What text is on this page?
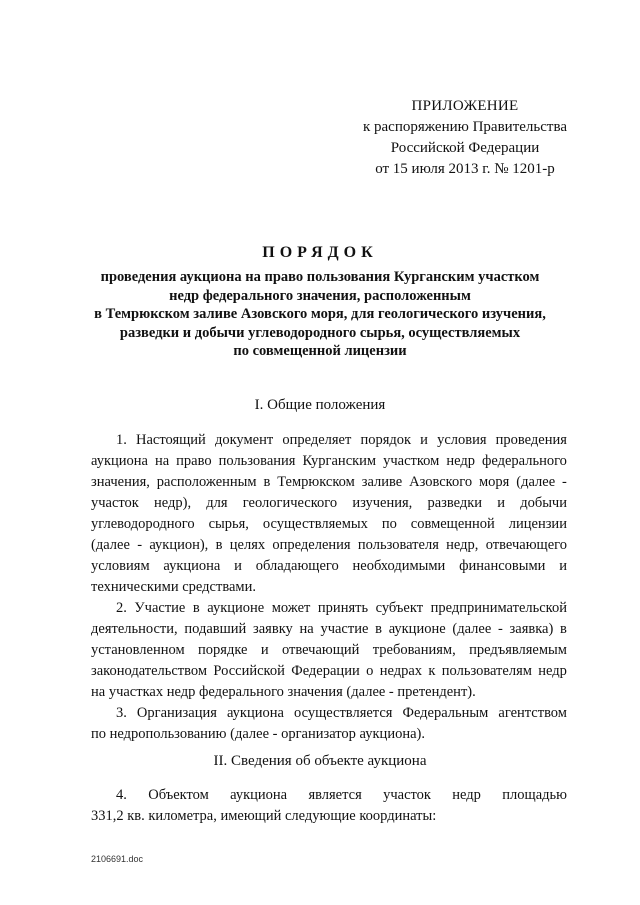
ПРИЛОЖЕНИЕ
к распоряжению Правительства
Российской Федерации
от 15 июля 2013 г. № 1201-р
ПОРЯДОК
проведения аукциона на право пользования Курганским участком
недр федерального значения, расположенным
в Темрюкском заливе Азовского моря, для геологического изучения,
разведки и добычи углеводородного сырья, осуществляемых
по совмещенной лицензии
I. Общие положения
1. Настоящий документ определяет порядок и условия проведения
аукциона на право пользования Курганским участком недр федерального
значения, расположенным в Темрюкском заливе Азовского моря (далее -
участок недр), для геологического изучения, разведки и добычи
углеводородного сырья, осуществляемых по совмещенной лицензии
(далее - аукцион), в целях определения пользователя недр, отвечающего
условиям аукциона и обладающего необходимыми финансовыми и
техническими средствами.
2. Участие в аукционе может принять субъект предпринимательской
деятельности, подавший заявку на участие в аукционе (далее - заявка) в
установленном порядке и отвечающий требованиям, предъявляемым
законодательством Российской Федерации о недрах к пользователям недр
на участках недр федерального значения (далее - претендент).
3. Организация аукциона осуществляется Федеральным агентством
по недропользованию (далее - организатор аукциона).
II. Сведения об объекте аукциона
4. Объектом аукциона является участок недр площадью
331,2 кв. километра, имеющий следующие координаты:
2106691.doc
